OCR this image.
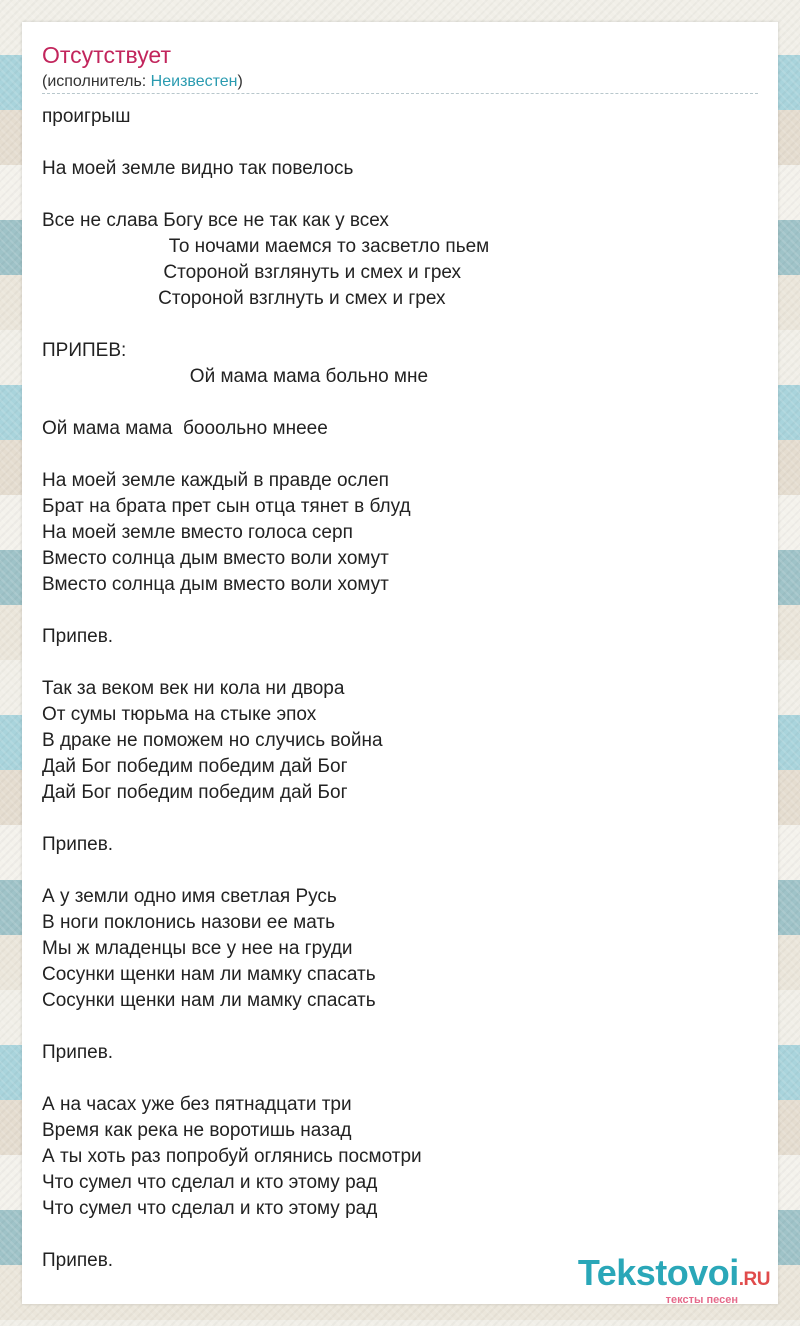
Отсутствует
(исполнитель: Неизвестен)
проигрыш

На моей земле видно так повелось

Все не слава Богу все не так как у всех
То ночами маемся то засветло пьем
Стороной взглянуть и смех и грех
Стороной взглнуть и смех и грех

ПРИПЕВ:
Ой мама мама больно мне

Ой мама мама  бооольно мнеее

На моей земле каждый в правде ослеп
Брат на брата прет сын отца тянет в блуд
На моей земле вместо голоса серп
Вместо солнца дым вместо воли хомут
Вместо солнца дым вместо воли хомут

Припев.

Так за веком век ни кола ни двора
От сумы тюрьма на стыке эпох
В драке не поможем но случись война
Дай Бог победим победим дай Бог
Дай Бог победим победим дай Бог

Припев.

А у земли одно имя светлая Русь
В ноги поклонись назови ее мать
Мы ж младенцы все у нее на груди
Сосунки щенки нам ли мамку спасать
Сосунки щенки нам ли мамку спасать

Припев.

А на часах уже без пятнадцати три
Время как река не воротишь назад
А ты хоть раз попробуй оглянись посмотри
Что сумел что сделал и кто этому рад
Что сумел что сделал и кто этому рад

Припев.	Tekstovoi.RU
тексты песен
